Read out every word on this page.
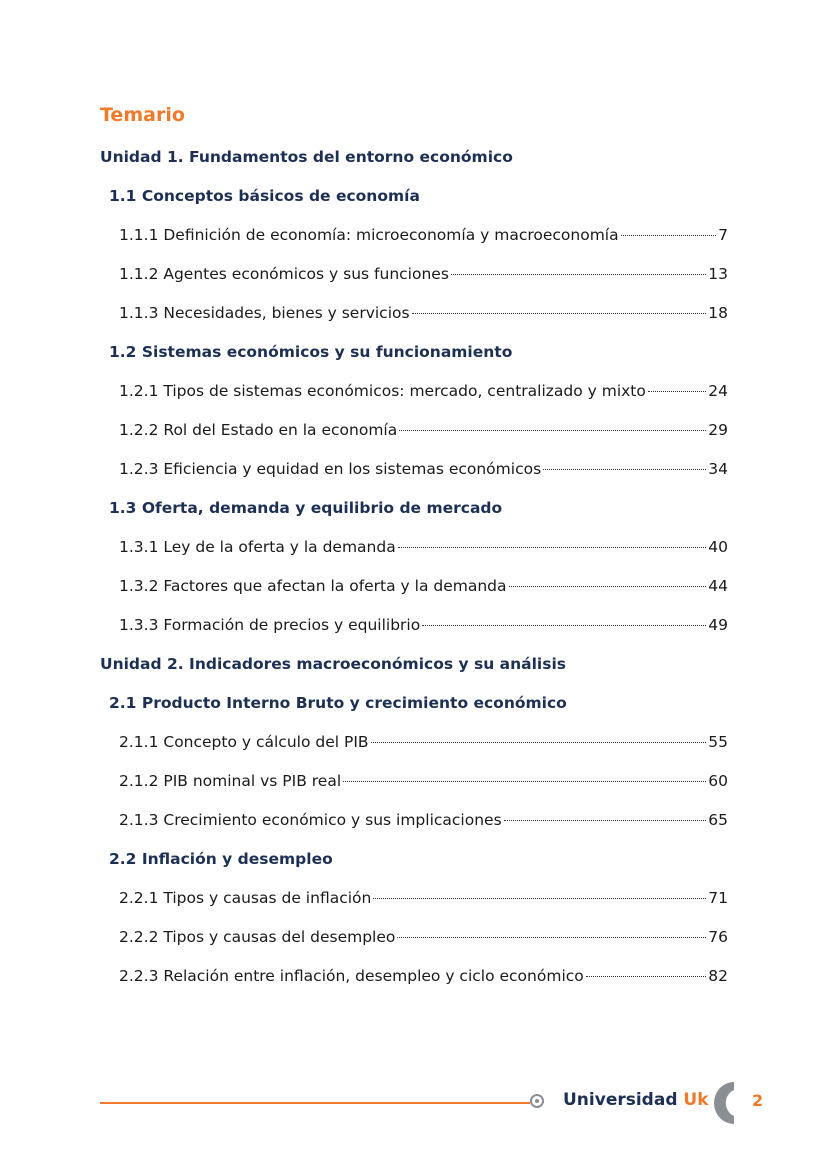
Temario
Unidad 1. Fundamentos del entorno económico
1.1 Conceptos básicos de economía
1.1.1 Definición de economía: microeconomía y macroeconomía	7
1.1.2 Agentes económicos y sus funciones	13
1.1.3 Necesidades, bienes y servicios	18
1.2 Sistemas económicos y su funcionamiento
1.2.1 Tipos de sistemas económicos: mercado, centralizado y mixto	24
1.2.2 Rol del Estado en la economía	29
1.2.3 Eficiencia y equidad en los sistemas económicos	34
1.3 Oferta, demanda y equilibrio de mercado
1.3.1 Ley de la oferta y la demanda	40
1.3.2 Factores que afectan la oferta y la demanda	44
1.3.3 Formación de precios y equilibrio	49
Unidad 2. Indicadores macroeconómicos y su análisis
2.1 Producto Interno Bruto y crecimiento económico
2.1.1 Concepto y cálculo del PIB	55
2.1.2 PIB nominal vs PIB real	60
2.1.3 Crecimiento económico y sus implicaciones	65
2.2 Inflación y desempleo
2.2.1 Tipos y causas de inflación	71
2.2.2 Tipos y causas del desempleo	76
2.2.3 Relación entre inflación, desempleo y ciclo económico	82
Universidad Uk	2
